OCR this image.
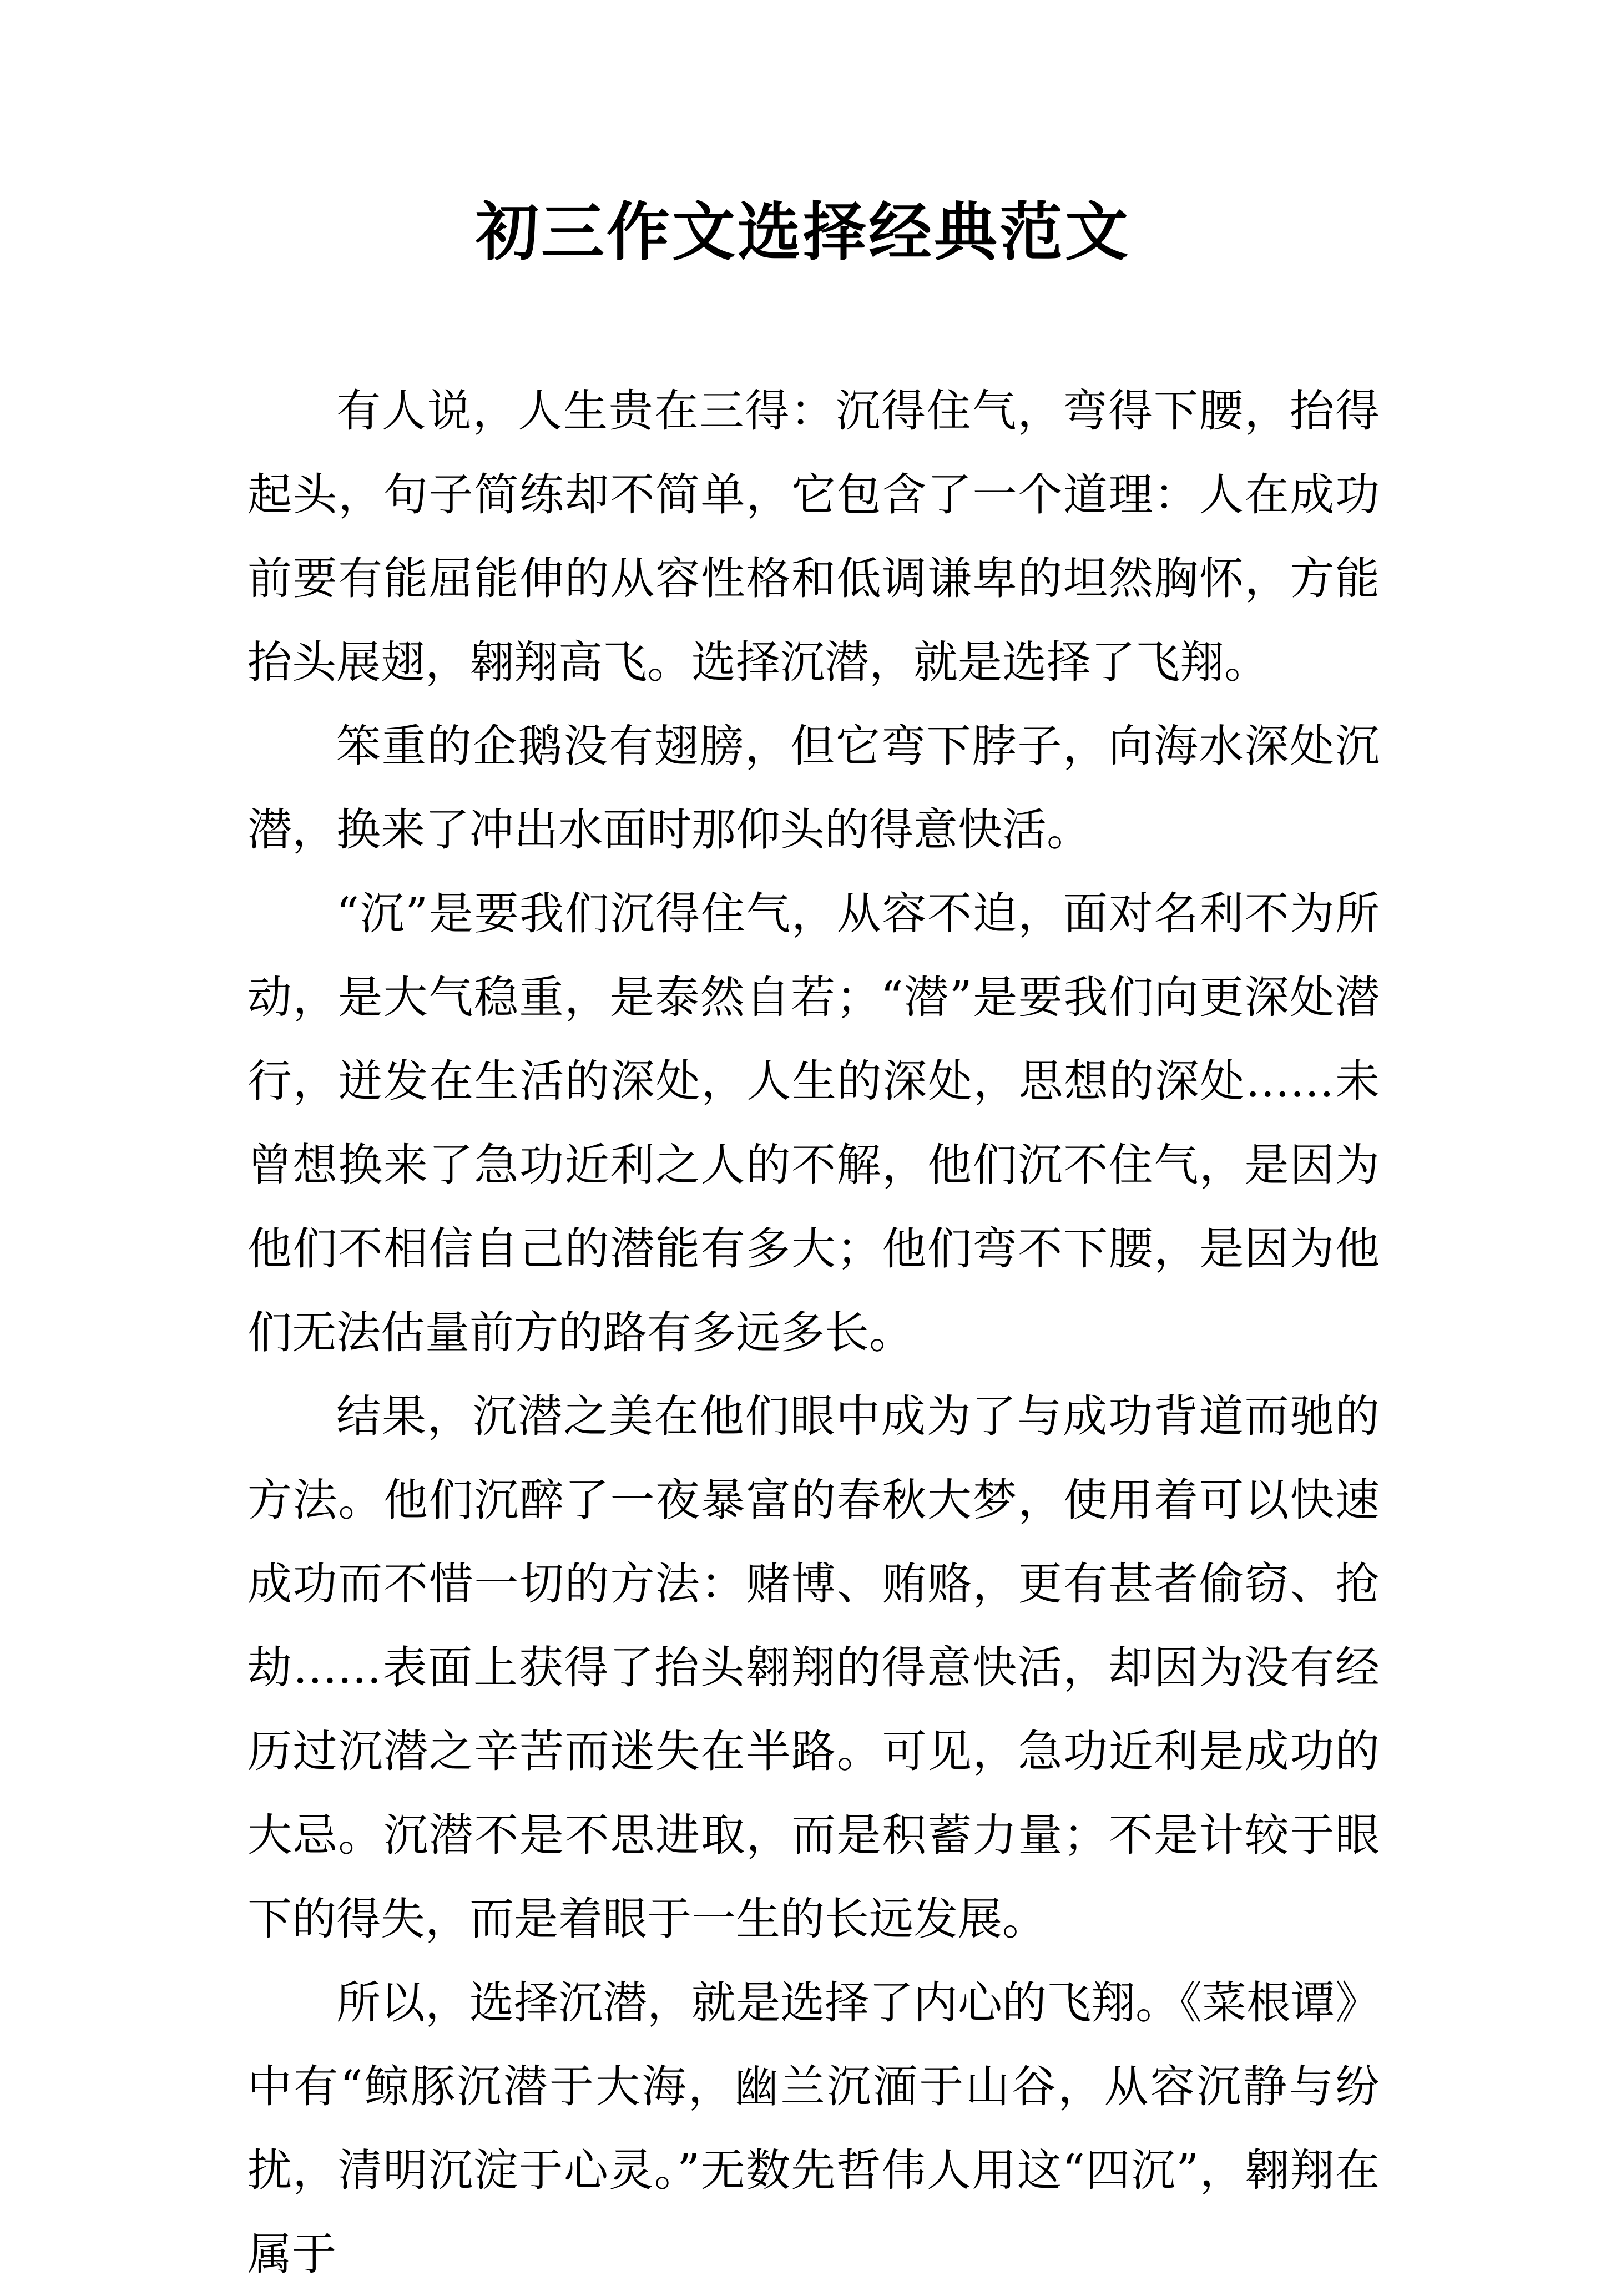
初三作文选择经典范文

有人说，人生贵在三得：沉得住气，弯得下腰，抬得起头，句子简练却不简单，它包含了一个道理：人在成功前要有能屈能伸的从容性格和低调谦卑的坦然胸怀，方能抬头展翅，翱翔高飞。选择沉潜，就是选择了飞翔。

笨重的企鹅没有翅膀，但它弯下脖子，向海水深处沉潜，换来了冲出水面时那仰头的得意快活。

“沉”是要我们沉得住气，从容不迫，面对名利不为所动，是大气稳重，是泰然自若；“潜”是要我们向更深处潜行，迸发在生活的深处，人生的深处，思想的深处……未曾想换来了急功近利之人的不解，他们沉不住气，是因为他们不相信自己的潜能有多大；他们弯不下腰，是因为他们无法估量前方的路有多远多长。

结果，沉潜之美在他们眼中成为了与成功背道而驰的方法。他们沉醉了一夜暴富的春秋大梦，使用着可以快速成功而不惜一切的方法：赌博、贿赂，更有甚者偷窃、抢劫……表面上获得了抬头翱翔的得意快活，却因为没有经历过沉潜之辛苦而迷失在半路。可见，急功近利是成功的大忌。沉潜不是不思进取，而是积蓄力量；不是计较于眼下的得失，而是着眼于一生的长远发展。

所以，选择沉潜，就是选择了内心的飞翔。《菜根谭》中有“鲸豚沉潜于大海，幽兰沉湎于山谷，从容沉静与纷扰，清明沉淀于心灵。”无数先哲伟人用这“四沉”，翱翔在属于
